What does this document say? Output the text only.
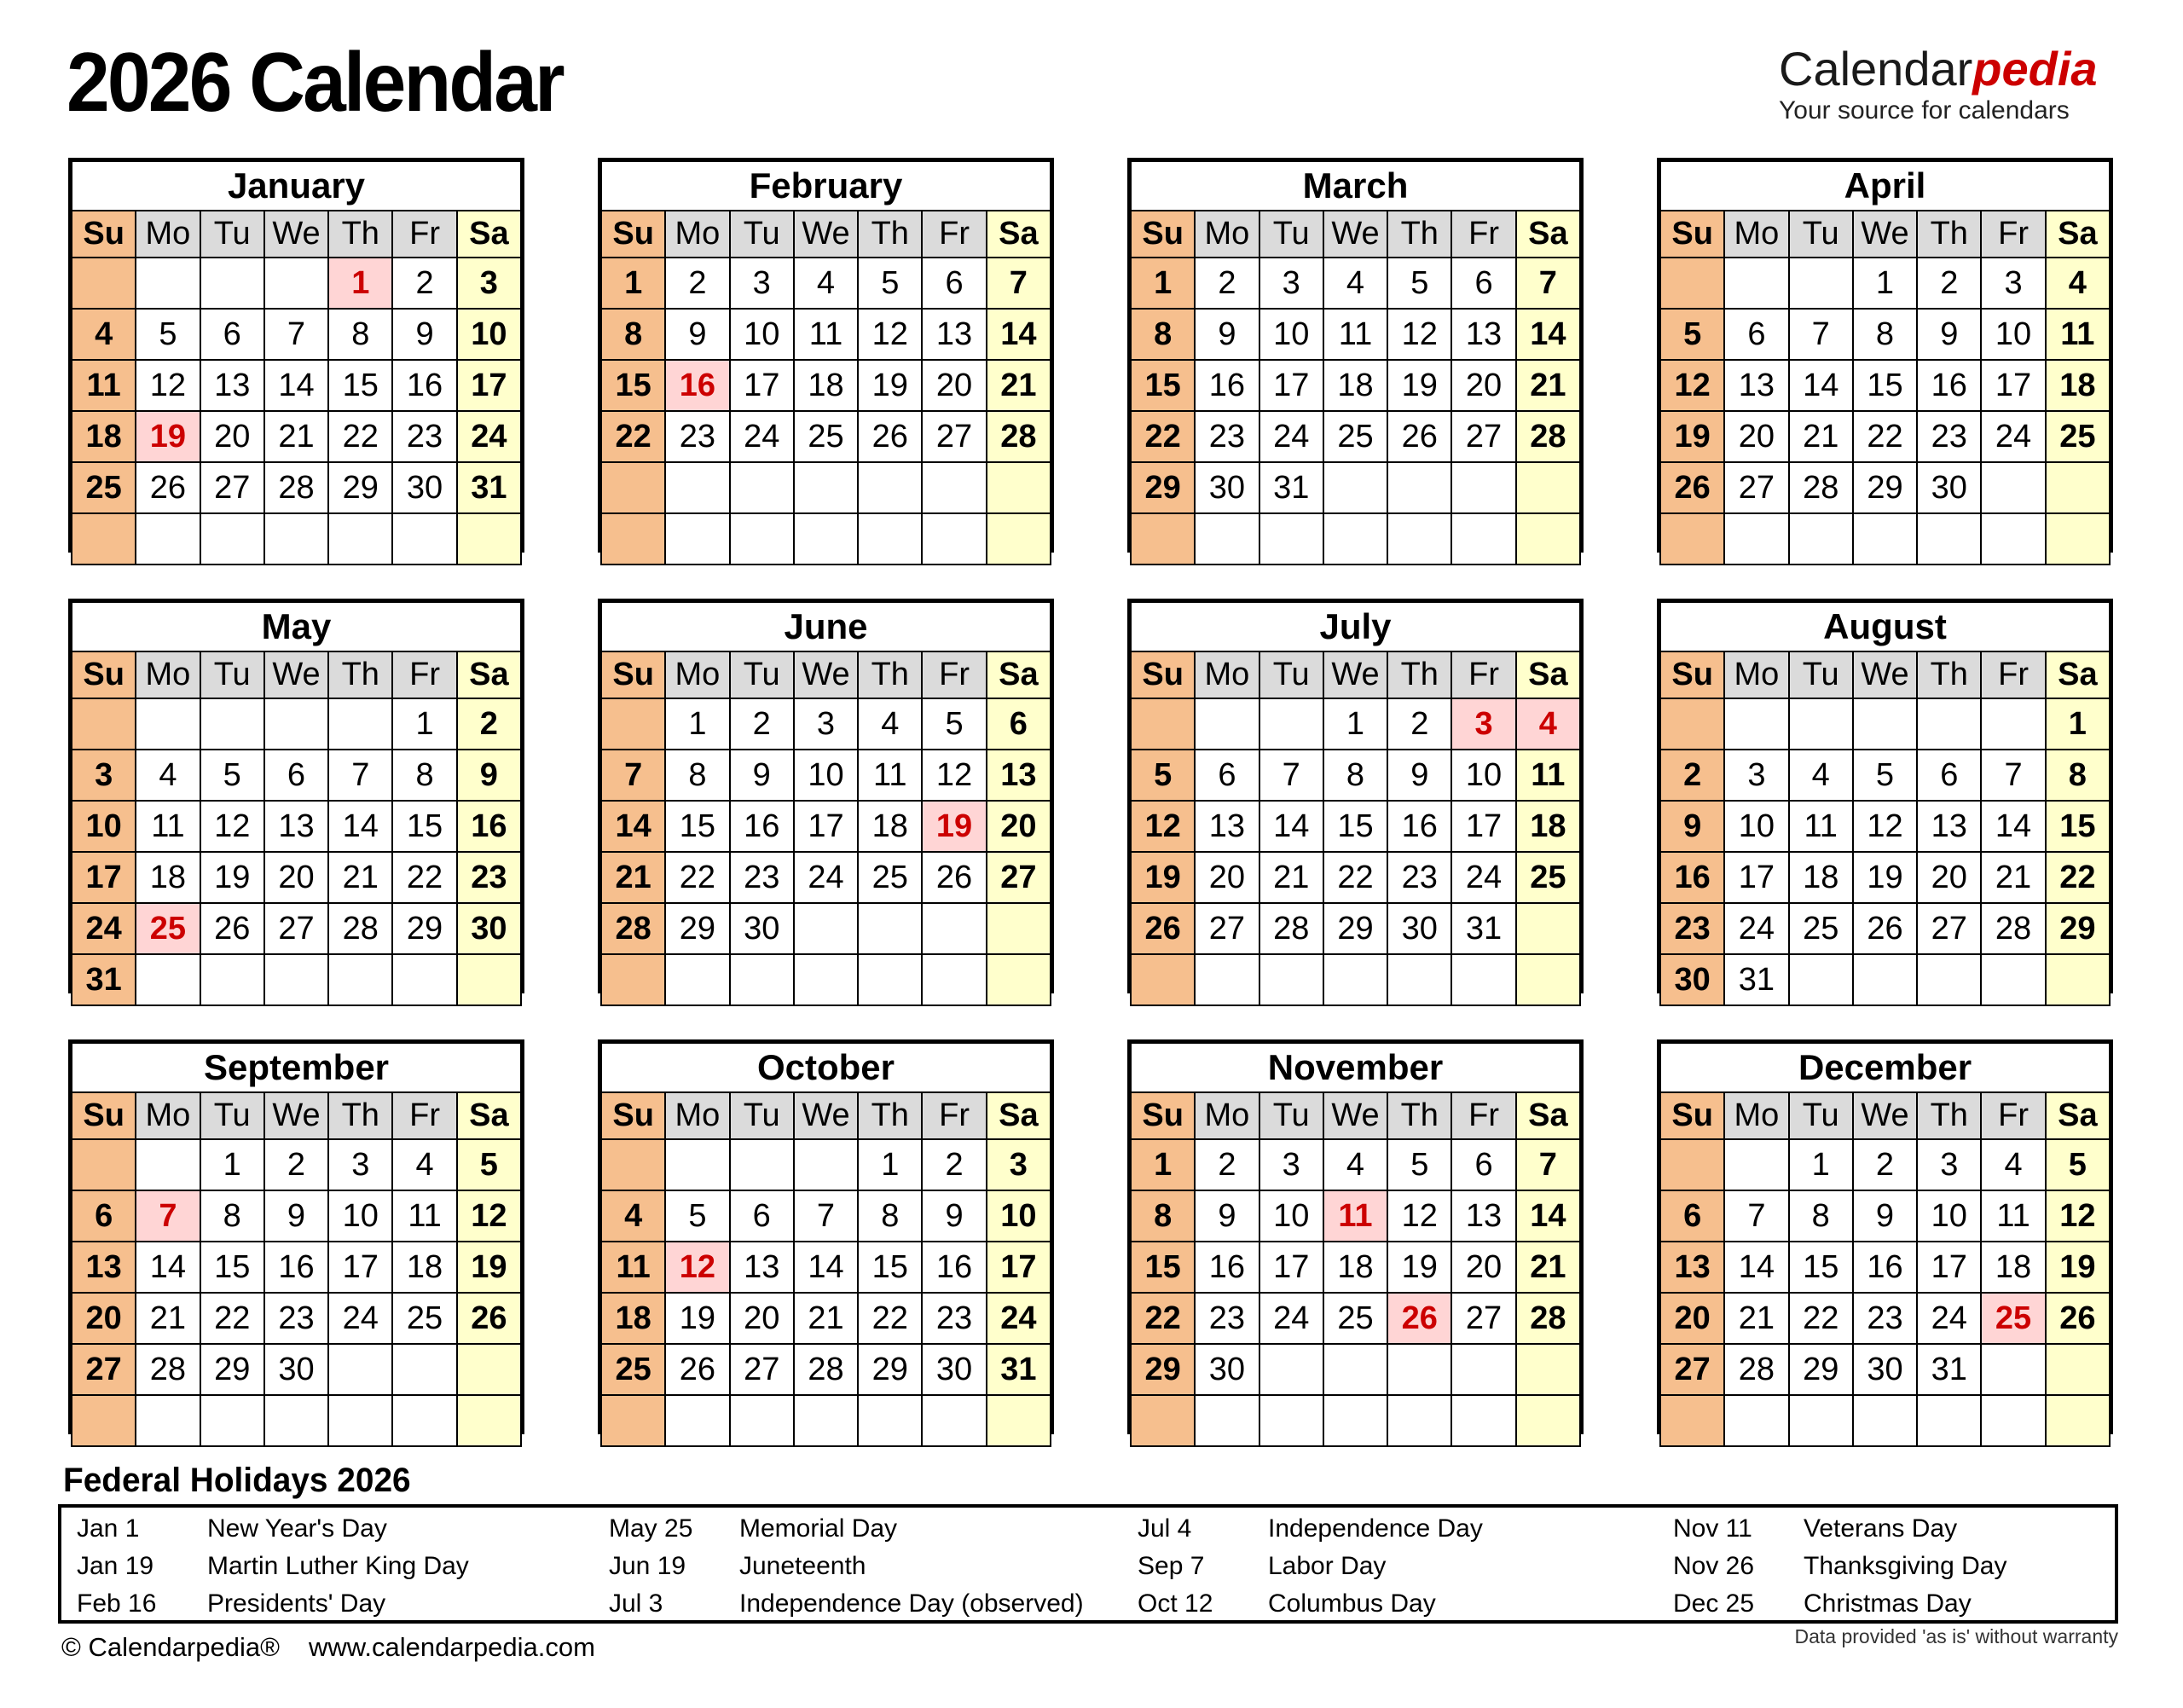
2026 Calendar	Calendarpedia
Your source for calendars
January						
Su	Mo	Tu	We	Th	Fr	Sa
				1	2	3
4	5	6	7	8	9	10
11	12	13	14	15	16	17
18	19	20	21	22	23	24
25	26	27	28	29	30	31

February						
Su	Mo	Tu	We	Th	Fr	Sa
1	2	3	4	5	6	7
8	9	10	11	12	13	14
15	16	17	18	19	20	21
22	23	24	25	26	27	28

March						
Su	Mo	Tu	We	Th	Fr	Sa
1	2	3	4	5	6	7
8	9	10	11	12	13	14
15	16	17	18	19	20	21
22	23	24	25	26	27	28
29	30	31				

April						
Su	Mo	Tu	We	Th	Fr	Sa
			1	2	3	4
5	6	7	8	9	10	11
12	13	14	15	16	17	18
19	20	21	22	23	24	25
26	27	28	29	30		

May						
Su	Mo	Tu	We	Th	Fr	Sa
					1	2
3	4	5	6	7	8	9
10	11	12	13	14	15	16
17	18	19	20	21	22	23
24	25	26	27	28	29	30
31						
June						
Su	Mo	Tu	We	Th	Fr	Sa
	1	2	3	4	5	6
7	8	9	10	11	12	13
14	15	16	17	18	19	20
21	22	23	24	25	26	27
28	29	30				

July						
Su	Mo	Tu	We	Th	Fr	Sa
			1	2	3	4
5	6	7	8	9	10	11
12	13	14	15	16	17	18
19	20	21	22	23	24	25
26	27	28	29	30	31	

August						
Su	Mo	Tu	We	Th	Fr	Sa
						1
2	3	4	5	6	7	8
9	10	11	12	13	14	15
16	17	18	19	20	21	22
23	24	25	26	27	28	29
30	31					
September						
Su	Mo	Tu	We	Th	Fr	Sa
		1	2	3	4	5
6	7	8	9	10	11	12
13	14	15	16	17	18	19
20	21	22	23	24	25	26
27	28	29	30			

October						
Su	Mo	Tu	We	Th	Fr	Sa
				1	2	3
4	5	6	7	8	9	10
11	12	13	14	15	16	17
18	19	20	21	22	23	24
25	26	27	28	29	30	31

November						
Su	Mo	Tu	We	Th	Fr	Sa
1	2	3	4	5	6	7
8	9	10	11	12	13	14
15	16	17	18	19	20	21
22	23	24	25	26	27	28
29	30					

December						
Su	Mo	Tu	We	Th	Fr	Sa
		1	2	3	4	5
6	7	8	9	10	11	12
13	14	15	16	17	18	19
20	21	22	23	24	25	26
27	28	29	30	31		

Federal Holidays 2026
Jan 1	New Year's Day
Jan 19 Martin Luther King Day
Feb 16 Presidents' Day
May 25 Memorial Day
Jun 19 Juneteenth
Jul 3	Independence Day (observed)
Jul 4	Independence Day
Sep 7 Labor Day
Oct 12 Columbus Day
Nov 11 Veterans Day
Nov 26 Thanksgiving Day
Dec 25 Christmas Day
© Calendarpedia® www.calendarpedia.com	Data provided 'as is' without warranty
